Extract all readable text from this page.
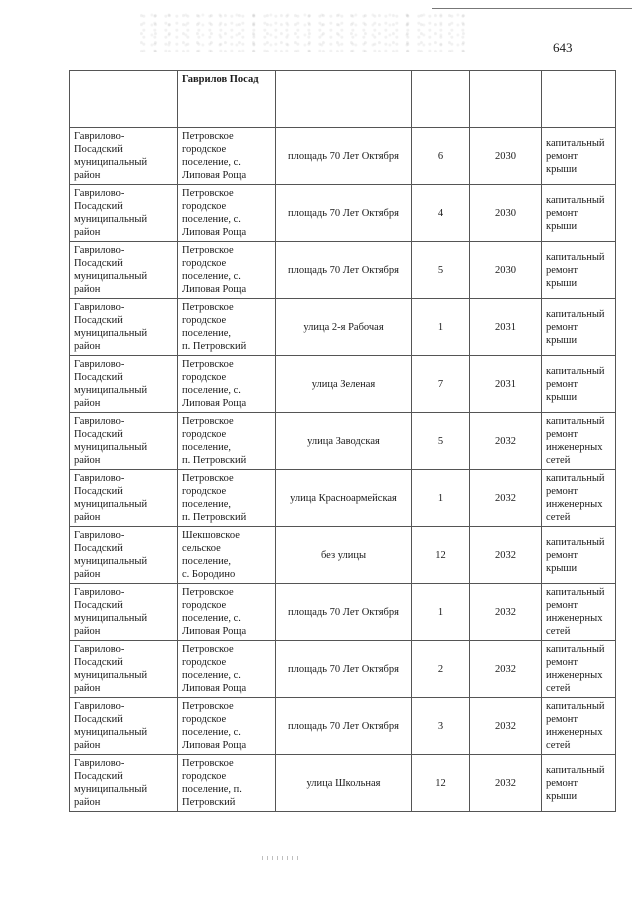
643

	Гаврилов Посад				

Гаврилово-
Посадский
муниципальный
район	Петровское
городское
поселение, с.
Липовая Роща	площадь 70 Лет Октября	6	2030	капитальный
ремонт крыши

Гаврилово-
Посадский
муниципальный
район	Петровское
городское
поселение, с.
Липовая Роща	площадь 70 Лет Октября	4	2030	капитальный
ремонт крыши

Гаврилово-
Посадский
муниципальный
район	Петровское
городское
поселение, с.
Липовая Роща	площадь 70 Лет Октября	5	2030	капитальный
ремонт крыши

Гаврилово-
Посадский
муниципальный
район	Петровское
городское
поселение,
п. Петровский	улица 2-я Рабочая	1	2031	капитальный
ремонт крыши

Гаврилово-
Посадский
муниципальный
район	Петровское
городское
поселение, с.
Липовая Роща	улица Зеленая	7	2031	капитальный
ремонт крыши

Гаврилово-
Посадский
муниципальный
район	Петровское
городское
поселение,
п. Петровский	улица Заводская	5	2032	капитальный
ремонт
инженерных
сетей

Гаврилово-
Посадский
муниципальный
район	Петровское
городское
поселение,
п. Петровский	улица Красноармейская	1	2032	капитальный
ремонт
инженерных
сетей

Гаврилово-
Посадский
муниципальный
район	Шекшовское
сельское поселение,
с. Бородино	без улицы	12	2032	капитальный
ремонт крыши

Гаврилово-
Посадский
муниципальный
район	Петровское
городское
поселение, с.
Липовая Роща	площадь 70 Лет Октября	1	2032	капитальный
ремонт
инженерных
сетей

Гаврилово-
Посадский
муниципальный
район	Петровское
городское
поселение, с.
Липовая Роща	площадь 70 Лет Октября	2	2032	капитальный
ремонт
инженерных
сетей

Гаврилово-
Посадский
муниципальный
район	Петровское
городское
поселение, с.
Липовая Роща	площадь 70 Лет Октября	3	2032	капитальный
ремонт
инженерных
сетей

Гаврилово-
Посадский
муниципальный
район	Петровское
городское
поселение, п.
Петровский	улица Школьная	12	2032	капитальный
ремонт крыши
